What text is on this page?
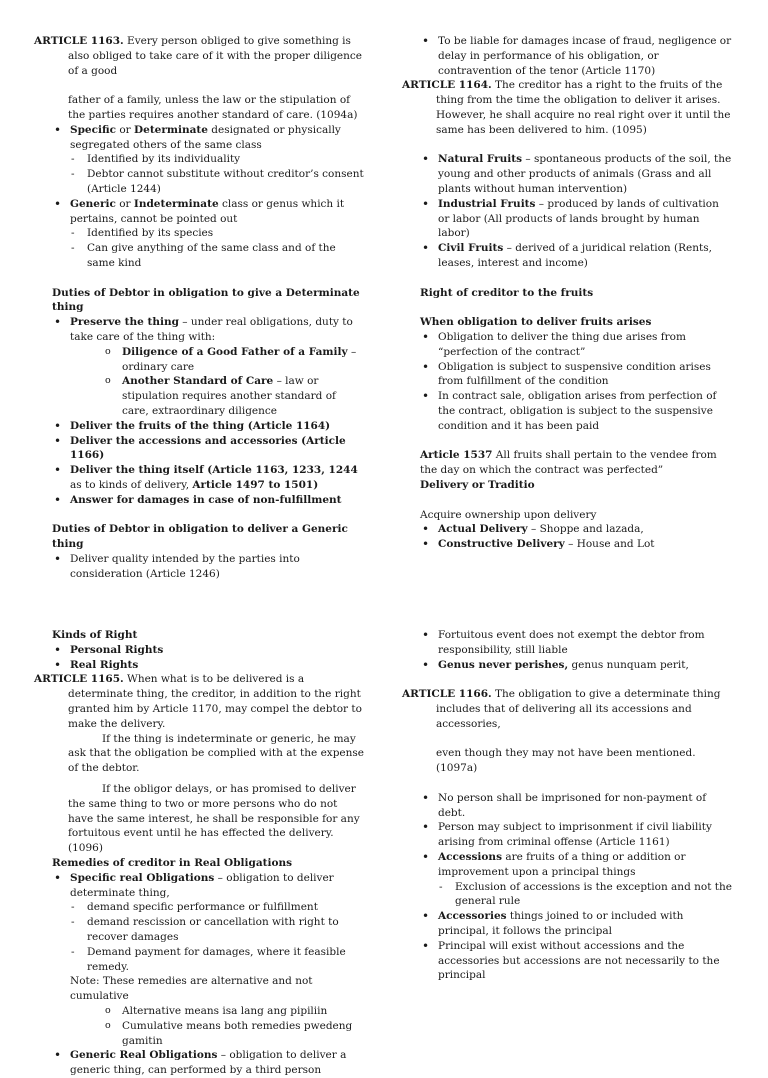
ARTICLE 1163. Every person obliged to give something is also obliged to take care of it with the proper diligence of a good

father of a family, unless the law or the stipulation of the parties requires another standard of care. (1094a)

• Specific or Determinate designated or physically segregated others of the same class

- Identified by its individuality

- Debtor cannot substitute without creditor’s consent (Article 1244)

• Generic or Indeterminate class or genus which it pertains, cannot be pointed out

- Identified by its species

- Can give anything of the same class and of the same kind

Duties of Debtor in obligation to give a Determinate thing

• Preserve the thing – under real obligations, duty to take care of the thing with:

o Diligence of a Good Father of a Family – ordinary care

o Another Standard of Care – law or stipulation requires another standard of care, extraordinary diligence

• Deliver the fruits of the thing (Article 1164)

• Deliver the accessions and accessories (Article 1166)

• Deliver the thing itself (Article 1163, 1233, 1244 as to kinds of delivery, Article 1497 to 1501)

• Answer for damages in case of non-fulfillment

Duties of Debtor in obligation to deliver a Generic thing

• Deliver quality intended by the parties into consideration (Article 1246)

• To be liable for damages incase of fraud, negligence or delay in performance of his obligation, or contravention of the tenor (Article 1170)

ARTICLE 1164. The creditor has a right to the fruits of the thing from the time the obligation to deliver it arises. However, he shall acquire no real right over it until the same has been delivered to him. (1095)

• Natural Fruits – spontaneous products of the soil, the young and other products of animals (Grass and all plants without human intervention)

• Industrial Fruits – produced by lands of cultivation or labor (All products of lands brought by human labor)

• Civil Fruits – derived of a juridical relation (Rents, leases, interest and income)

Right of creditor to the fruits

When obligation to deliver fruits arises

• Obligation to deliver the thing due arises from “perfection of the contract”

• Obligation is subject to suspensive condition arises from fulfillment of the condition

• In contract sale, obligation arises from perfection of the contract, obligation is subject to the suspensive condition and it has been paid

Article 1537 All fruits shall pertain to the vendee from the day on which the contract was perfected”

Delivery or Traditio

Acquire ownership upon delivery

• Actual Delivery – Shoppe and lazada,

• Constructive Delivery – House and Lot

Kinds of Right

• Personal Rights

• Real Rights

ARTICLE 1165. When what is to be delivered is a determinate thing, the creditor, in addition to the right granted him by Article 1170, may compel the debtor to make the delivery.

If the thing is indeterminate or generic, he may ask that the obligation be complied with at the expense of the debtor.

If the obligor delays, or has promised to deliver the same thing to two or more persons who do not have the same interest, he shall be responsible for any fortuitous event until he has effected the delivery. (1096)

Remedies of creditor in Real Obligations

• Specific real Obligations – obligation to deliver determinate thing,

- demand specific performance or fulfillment

- demand rescission or cancellation with right to recover damages

- Demand payment for damages, where it feasible remedy.

Note: These remedies are alternative and not cumulative

o Alternative means isa lang ang pipiliin

o Cumulative means both remedies pwedeng gamitin

• Generic Real Obligations – obligation to deliver a generic thing, can performed by a third person

• Fortuitous event does not exempt the debtor from responsibility, still liable

• Genus never perishes, genus nunquam perit,

ARTICLE 1166. The obligation to give a determinate thing includes that of delivering all its accessions and accessories,

even though they may not have been mentioned. (1097a)

• No person shall be imprisoned for non-payment of debt.

• Person may subject to imprisonment if civil liability arising from criminal offense (Article 1161)

• Accessions are fruits of a thing or addition or improvement upon a principal things

- Exclusion of accessions is the exception and not the general rule

• Accessories things joined to or included with principal, it follows the principal

• Principal will exist without accessions and the accessories but accessions are not necessarily to the principal
